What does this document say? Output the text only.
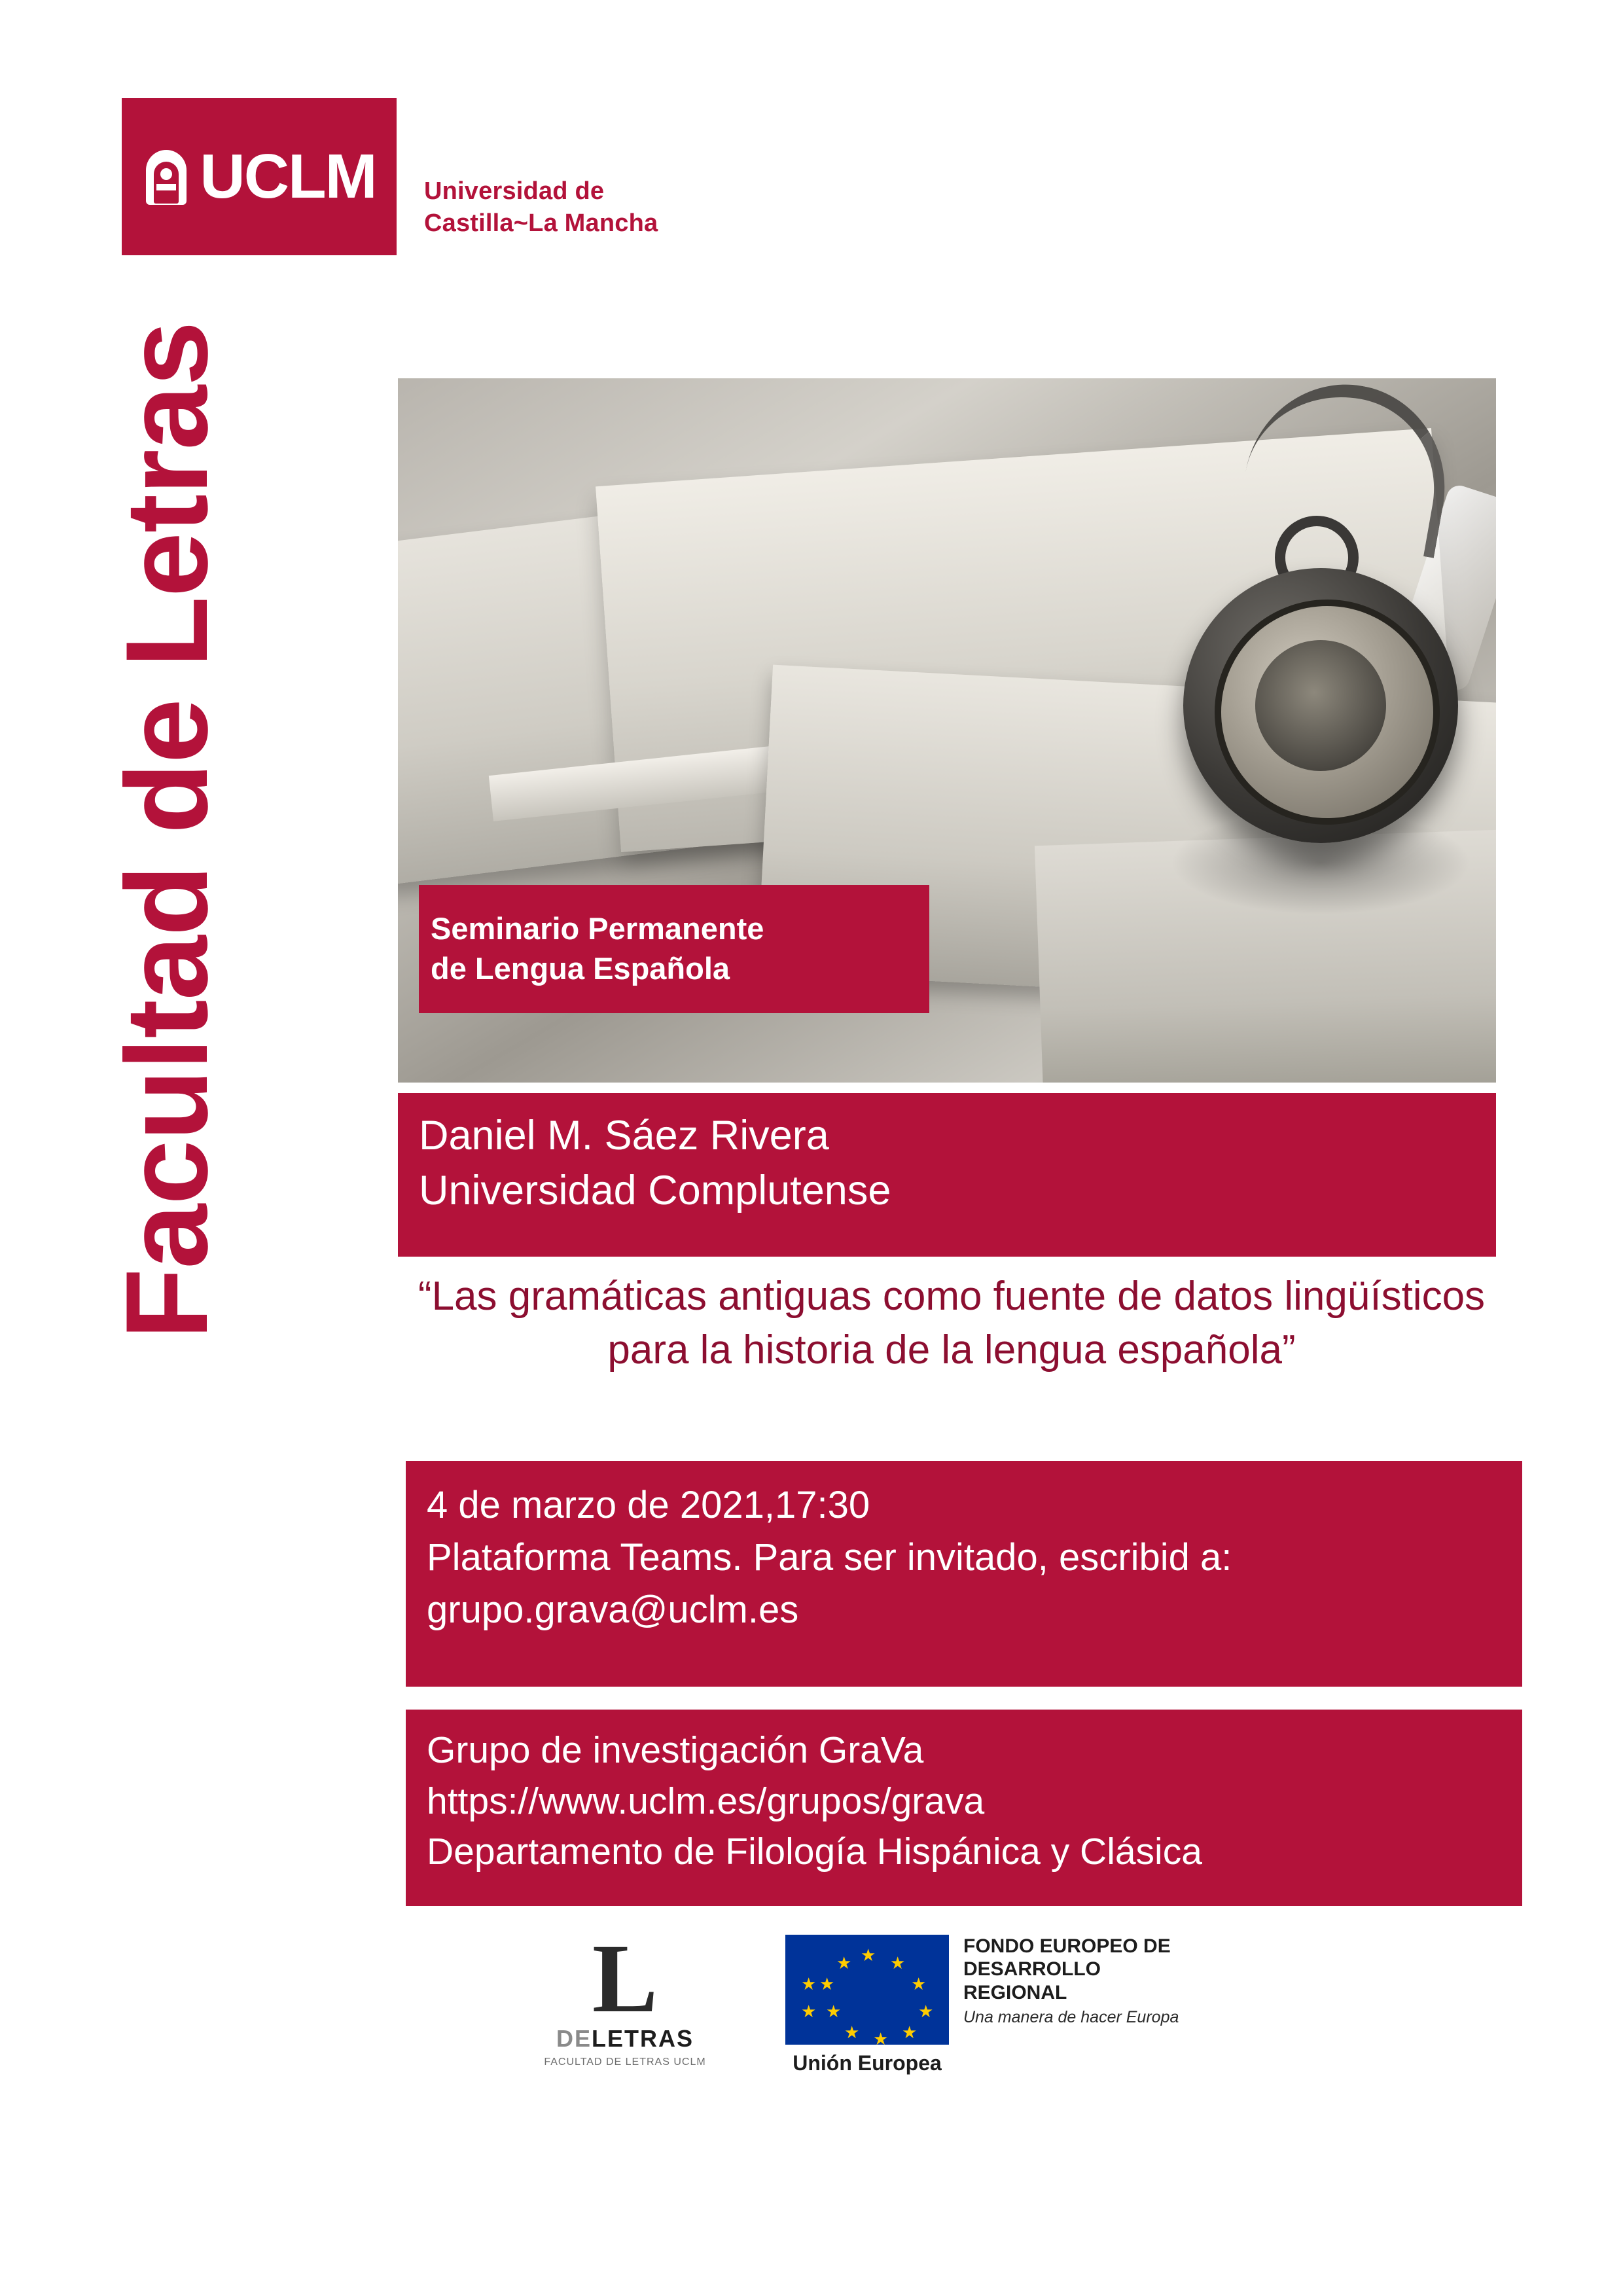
UCLM Universidad de
Castilla~La Mancha
Facultad de Letras	Seminario Permanente
de Lengua Española
Daniel M. Sáez Rivera
Universidad Complutense
“Las gramáticas antiguas como fuente de datos lingüísticos para la historia de la lengua española”
4 de marzo de 2021,17:30
Plataforma Teams. Para ser invitado, escribid a:
grupo.grava@uclm.es
Grupo de investigación GraVa
https://www.uclm.es/grupos/grava
Departamento de Filología Hispánica y Clásica
L
DELETRAS
FACULTAD DE LETRAS UCLM
★ ★
★
★
★
★
★
★
★
★
★
★
Unión Europea
FONDO EUROPEO DE
DESARROLLO REGIONAL
Una manera de hacer Europa
